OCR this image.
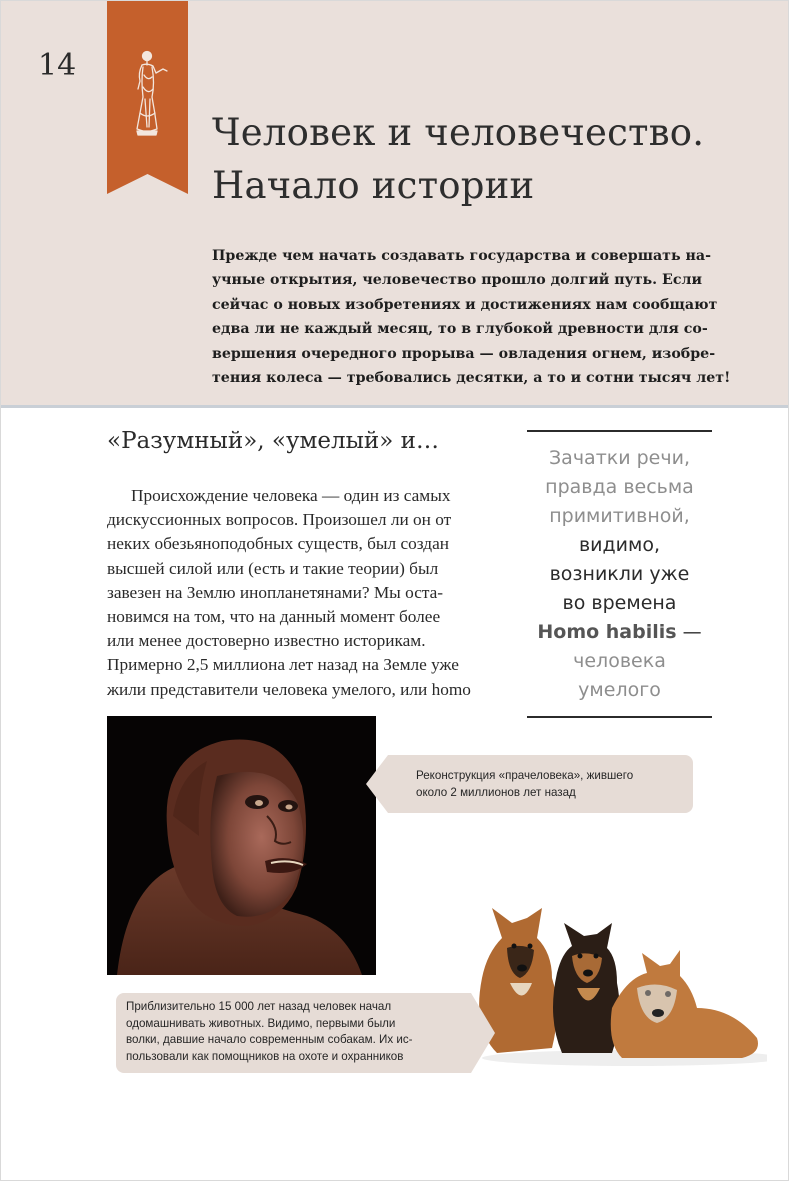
14
Человек и человечество.
Начало истории
Прежде чем начать создавать государства и совершать на-
учные открытия, человечество прошло долгий путь. Если
сейчас о новых изобретениях и достижениях нам сообщают
едва ли не каждый месяц, то в глубокой древности для со-
вершения очередного прорыва — овладения огнем, изобре-
тения колеса — требовались десятки, а то и сотни тысяч лет!
«Разумный», «умелый» и…
Происхождение человека — один из самых
дискуссионных вопросов. Произошел ли он от
неких обезьяноподобных существ, был создан
высшей силой или (есть и такие теории) был
завезен на Землю инопланетянами? Мы оста-
новимся на том, что на данный момент более
или менее достоверно известно историкам.
Примерно 2,5 миллиона лет назад на Земле уже
жили представители человека умелого, или homo
Зачатки речи,
правда весьма
примитивной,
видимо,
возникли уже
во времена
Homo habilis —
человека
умелого
Реконструкция «прачеловека», жившего
около 2 миллионов лет назад
Приблизительно 15 000 лет назад человек начал
одомашнивать животных. Видимо, первыми были
волки, давшие начало современным собакам. Их ис-
пользовали как помощников на охоте и охранников
